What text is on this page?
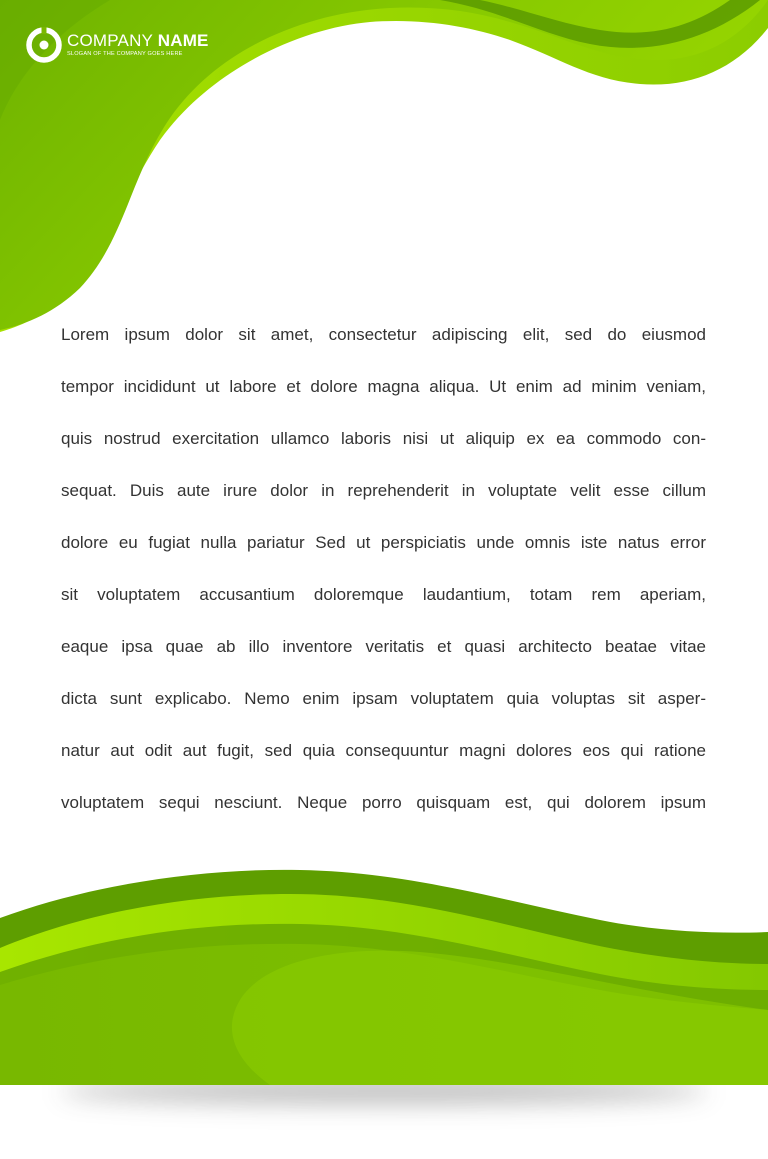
COMPANY NAME
SLOGAN OF THE COMPANY GOES HERE
Lorem ipsum dolor sit amet, consectetur adipiscing elit, sed do eiusmod
tempor incididunt ut labore et dolore magna aliqua. Ut enim ad minim veniam,
quis nostrud exercitation ullamco laboris nisi ut aliquip ex ea commodo con-
sequat. Duis aute irure dolor in reprehenderit in voluptate velit esse cillum
dolore eu fugiat nulla pariatur Sed ut perspiciatis unde omnis iste natus error
sit voluptatem accusantium doloremque laudantium, totam rem aperiam,
eaque ipsa quae ab illo inventore veritatis et quasi architecto beatae vitae
dicta sunt explicabo. Nemo enim ipsam voluptatem quia voluptas sit asper-
natur aut odit aut fugit, sed quia consequuntur magni dolores eos qui ratione
voluptatem sequi nesciunt. Neque porro quisquam est, qui dolorem ipsum
